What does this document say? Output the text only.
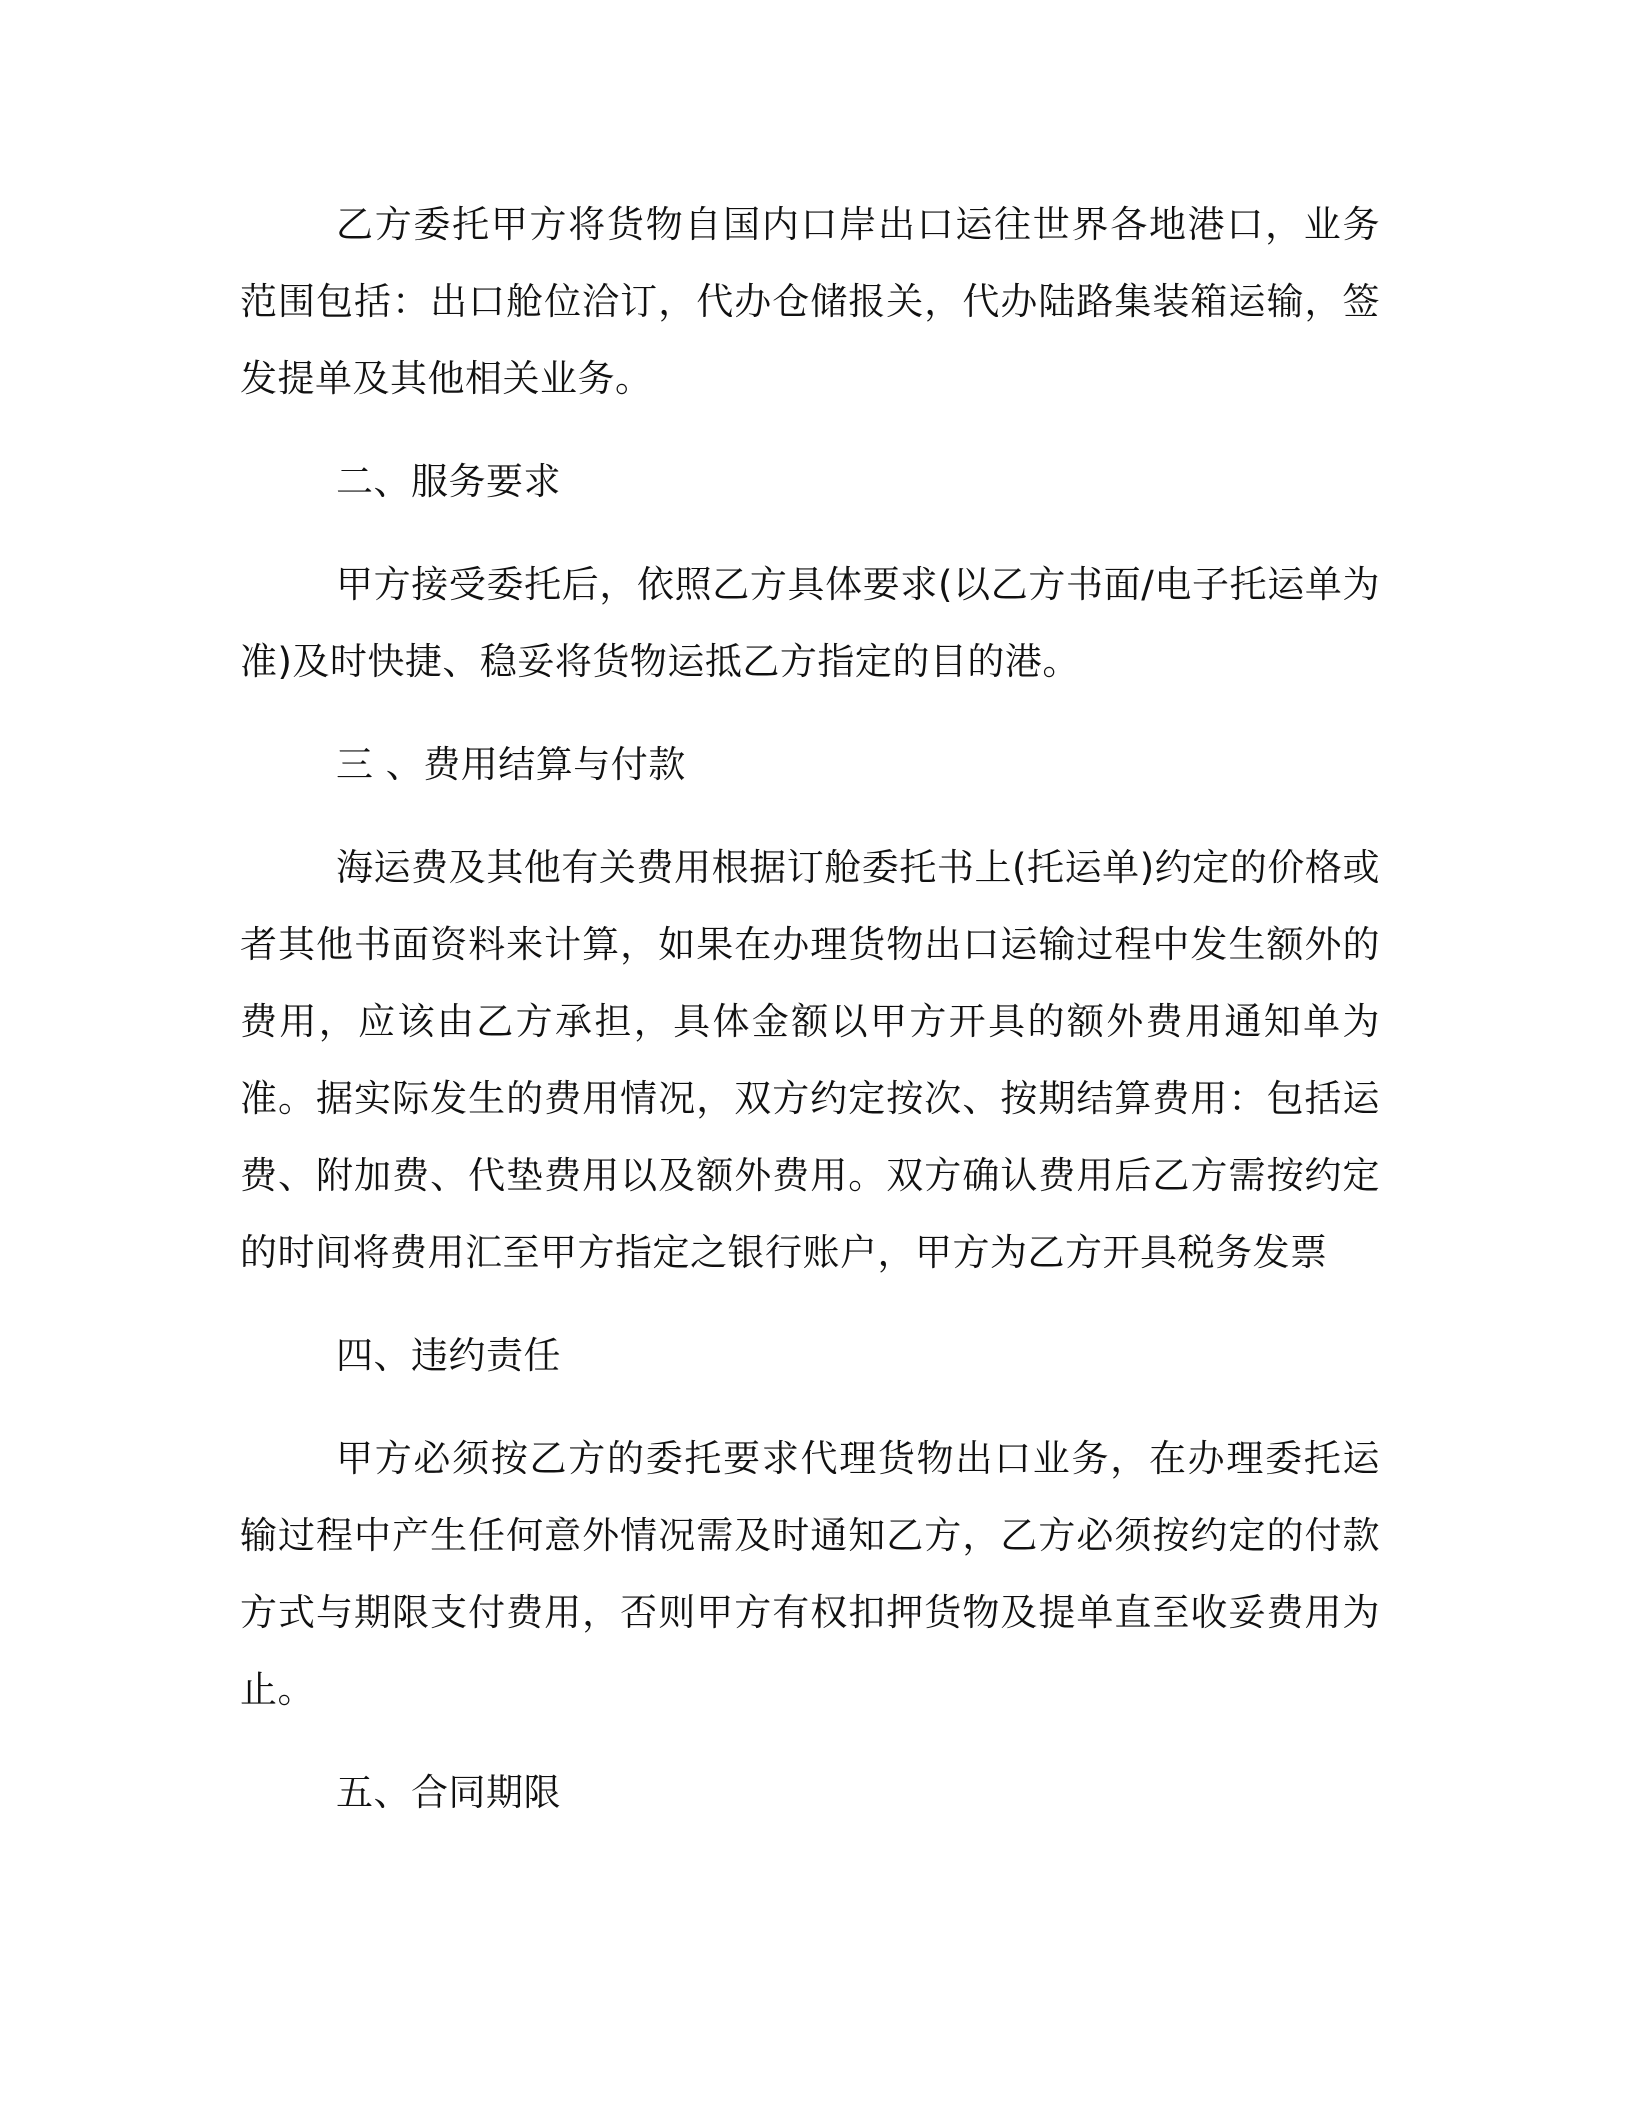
乙方委托甲方将货物自国内口岸出口运往世界各地港口，业务范围包括：出口舱位洽订，代办仓储报关，代办陆路集装箱运输，签发提单及其他相关业务。

二、服务要求

甲方接受委托后，依照乙方具体要求(以乙方书面/电子托运单为准)及时快捷、稳妥将货物运抵乙方指定的目的港。

三 、费用结算与付款

海运费及其他有关费用根据订舱委托书上(托运单)约定的价格或者其他书面资料来计算，如果在办理货物出口运输过程中发生额外的费用，应该由乙方承担，具体金额以甲方开具的额外费用通知单为准。据实际发生的费用情况，双方约定按次、按期结算费用：包括运费、附加费、代垫费用以及额外费用。双方确认费用后乙方需按约定的时间将费用汇至甲方指定之银行账户，甲方为乙方开具税务发票

四、违约责任

甲方必须按乙方的委托要求代理货物出口业务，在办理委托运输过程中产生任何意外情况需及时通知乙方，乙方必须按约定的付款方式与期限支付费用，否则甲方有权扣押货物及提单直至收妥费用为止。

五、合同期限
